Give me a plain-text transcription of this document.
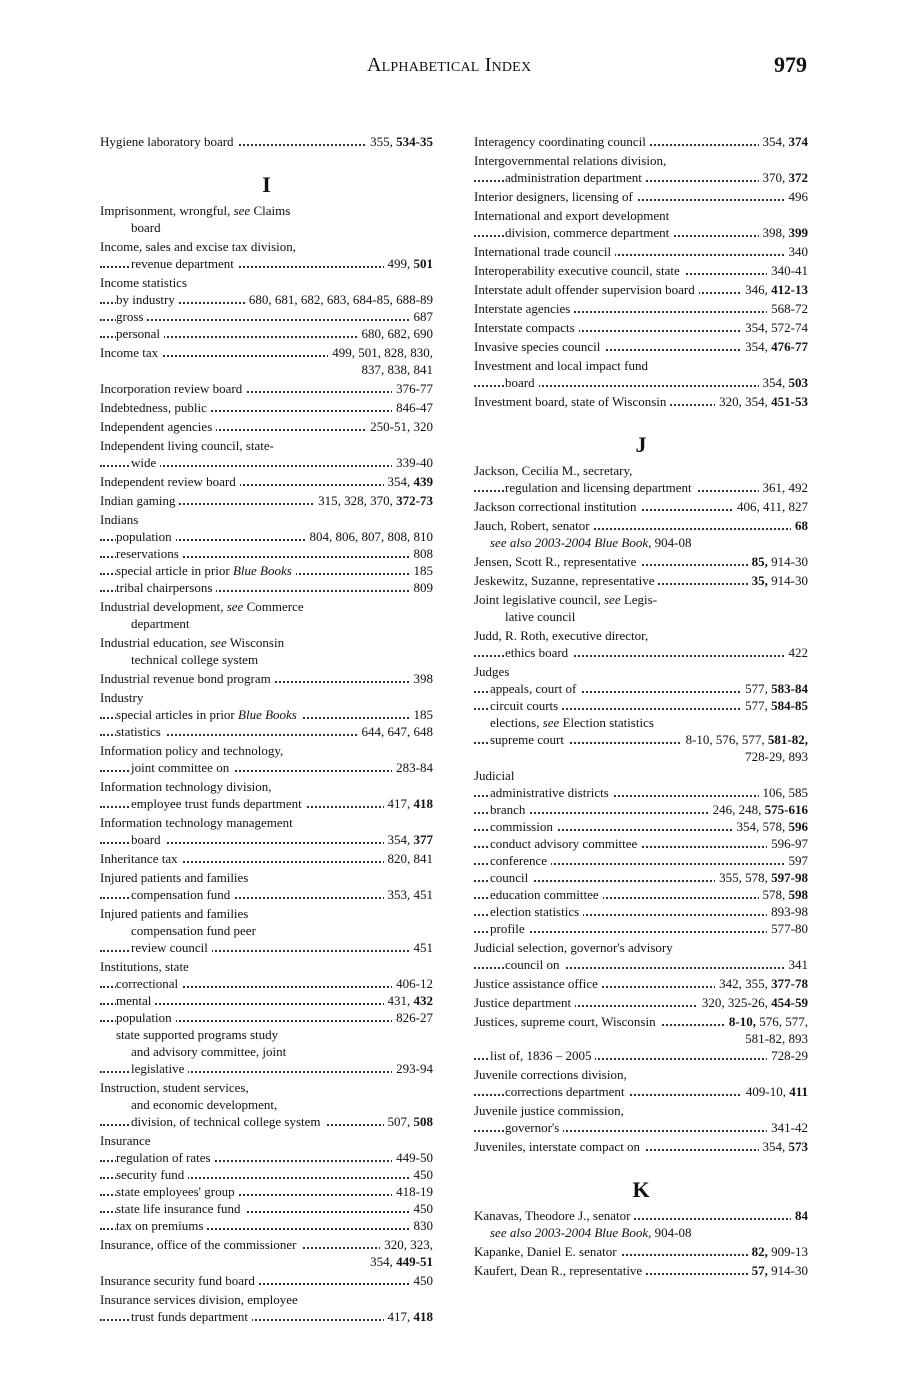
Alphabetical Index	979
Hygiene laboratory board	355, 534-35
I
Imprisonment, wrongful, see Claims
board
Income, sales and excise tax division,
revenue department	499, 501
Income statistics
by industry	680, 681, 682, 683, 684-85, 688-89
gross	687
personal	680, 682, 690
Income tax	499, 501, 828, 830,
837, 838, 841
Incorporation review board	376-77
Indebtedness, public	846-47
Independent agencies	250-51, 320
Independent living council, state-
wide	339-40
Independent review board	354, 439
Indian gaming	315, 328, 370, 372-73
Indians
population	804, 806, 807, 808, 810
reservations	808
special article in prior Blue Books	185
tribal chairpersons	809
Industrial development, see Commerce
department
Industrial education, see Wisconsin
technical college system
Industrial revenue bond program	398
Industry
special articles in prior Blue Books	185
statistics	644, 647, 648
Information policy and technology,
joint committee on	283-84
Information technology division,
employee trust funds department	417, 418
Information technology management
board	354, 377
Inheritance tax	820, 841
Injured patients and families
compensation fund	353, 451
Injured patients and families
compensation fund peer
review council	451
Institutions, state
correctional	406-12
mental	431, 432
population	826-27
state supported programs study
and advisory committee, joint
legislative	293-94
Instruction, student services,
and economic development,
division, of technical college system	507, 508
Insurance
regulation of rates	449-50
security fund	450
state employees' group	418-19
state life insurance fund	450
tax on premiums	830
Insurance, office of the commissioner	320, 323,
354, 449-51
Insurance security fund board	450
Insurance services division, employee
trust funds department	417, 418
Interagency coordinating council	354, 374
Intergovernmental relations division,
administration department	370, 372
Interior designers, licensing of	496
International and export development
division, commerce department	398, 399
International trade council	340
Interoperability executive council, state	340-41
Interstate adult offender supervision board	346, 412-13
Interstate agencies	568-72
Interstate compacts	354, 572-74
Invasive species council	354, 476-77
Investment and local impact fund
board	354, 503
Investment board, state of Wisconsin	320, 354, 451-53
J
Jackson, Cecilia M., secretary,
regulation and licensing department	361, 492
Jackson correctional institution	406, 411, 827
Jauch, Robert, senator	68
see also 2003-2004 Blue Book, 904-08
Jensen, Scott R., representative	85, 914-30
Jeskewitz, Suzanne, representative	35, 914-30
Joint legislative council, see Legis-
lative council
Judd, R. Roth, executive director,
ethics board	422
Judges
appeals, court of	577, 583-84
circuit courts	577, 584-85
elections, see Election statistics
supreme court	8-10, 576, 577, 581-82,
728-29, 893
Judicial
administrative districts	106, 585
branch	246, 248, 575-616
commission	354, 578, 596
conduct advisory committee	596-97
conference	597
council	355, 578, 597-98
education committee	578, 598
election statistics	893-98
profile	577-80
Judicial selection, governor's advisory
council on	341
Justice assistance office	342, 355, 377-78
Justice department	320, 325-26, 454-59
Justices, supreme court, Wisconsin	8-10, 576, 577,
581-82, 893
list of, 1836 – 2005	728-29
Juvenile corrections division,
corrections department	409-10, 411
Juvenile justice commission,
governor's	341-42
Juveniles, interstate compact on	354, 573
K
Kanavas, Theodore J., senator	84
see also 2003-2004 Blue Book, 904-08
Kapanke, Daniel E. senator	82, 909-13
Kaufert, Dean R., representative	57, 914-30
